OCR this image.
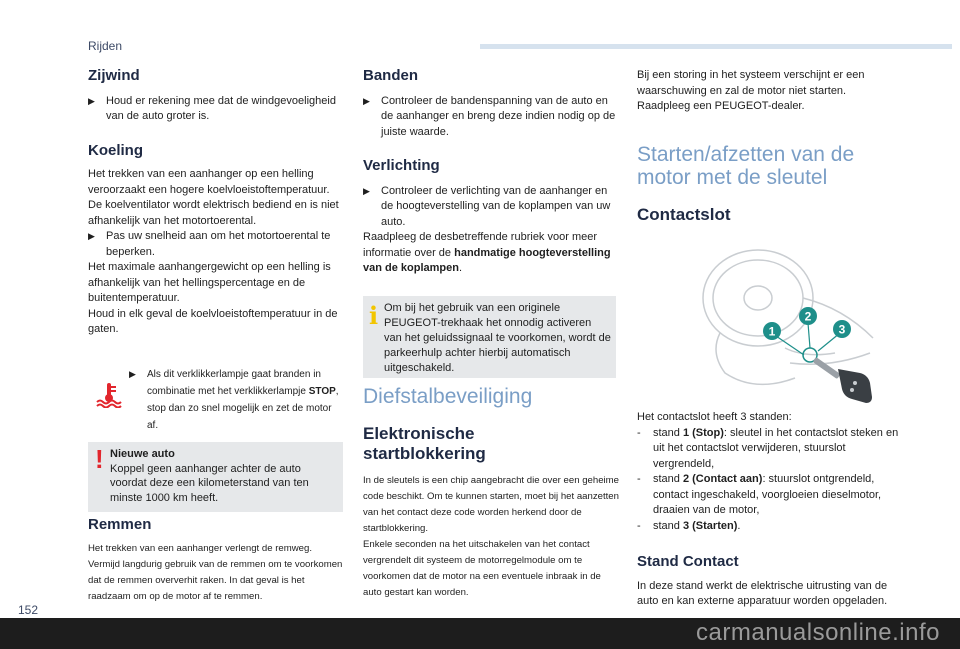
Rijden
Zijwind
▶	Houd er rekening mee dat de windgevoeligheid van de auto groter is.
Koeling

Het trekken van een aanhanger op een helling veroorzaakt een hogere koelvloeistoftemperatuur.

De koelventilator wordt elektrisch bediend en is niet afhankelijk van het motortoerental.

▶	Pas uw snelheid aan om het motortoerental te beperken.

Het maximale aanhangergewicht op een helling is afhankelijk van het hellingspercentage en de buitentemperatuur.

Houd in elk geval de koelvloeistoftemperatuur in de gaten.

▶	Als dit verklikkerlampje gaat branden in combinatie met het verklikkerlampje STOP, stop dan zo snel mogelijk en zet de motor af.
! Nieuwe auto
Koppel geen aanhanger achter de auto voordat deze een kilometerstand van ten minste 1000 km heeft.
Remmen

Het trekken van een aanhanger verlengt de remweg. Vermijd langdurig gebruik van de remmen om te voorkomen dat de remmen oververhit raken. In dat geval is het raadzaam om op de motor af te remmen.

Banden
▶	Controleer de bandenspanning van de auto en de aanhanger en breng deze indien nodig op de juiste waarde.
Verlichting
▶	Controleer de verlichting van de aanhanger en de hoogteverstelling van de koplampen van uw auto.

Raadpleeg de desbetreffende rubriek voor meer informatie over de handmatige hoogteverstelling van de koplampen.

i Om bij het gebruik van een originele PEUGEOT-trekhaak het onnodig activeren van het geluidssignaal te voorkomen, wordt de parkeerhulp achter hierbij automatisch uitgeschakeld.
Diefstalbeveiliging
Elektronische
startblokkering

In de sleutels is een chip aangebracht die over een geheime code beschikt. Om te kunnen starten, moet bij het aanzetten van het contact deze code worden herkend door de startblokkering.

Enkele seconden na het uitschakelen van het contact vergrendelt dit systeem de motorregelmodule om te voorkomen dat de motor na een eventuele inbraak in de auto gestart kan worden.

Bij een storing in het systeem verschijnt er een waarschuwing en zal de motor niet starten. Raadpleeg een PEUGEOT-dealer.

Starten/afzetten van de
motor met de sleutel
Contactslot
1
2
3

Het contactslot heeft 3 standen:

-	stand 1 (Stop): sleutel in het contactslot steken en uit het contactslot verwijderen, stuurslot vergrendeld,
-	stand 2 (Contact aan): stuurslot ontgrendeld, contact ingeschakeld, voorgloeien dieselmotor, draaien van de motor,
-	stand 3 (Starten).
Stand Contact

In deze stand werkt de elektrische uitrusting van de auto en kan externe apparatuur worden opgeladen.

152
carmanualsonline.info
